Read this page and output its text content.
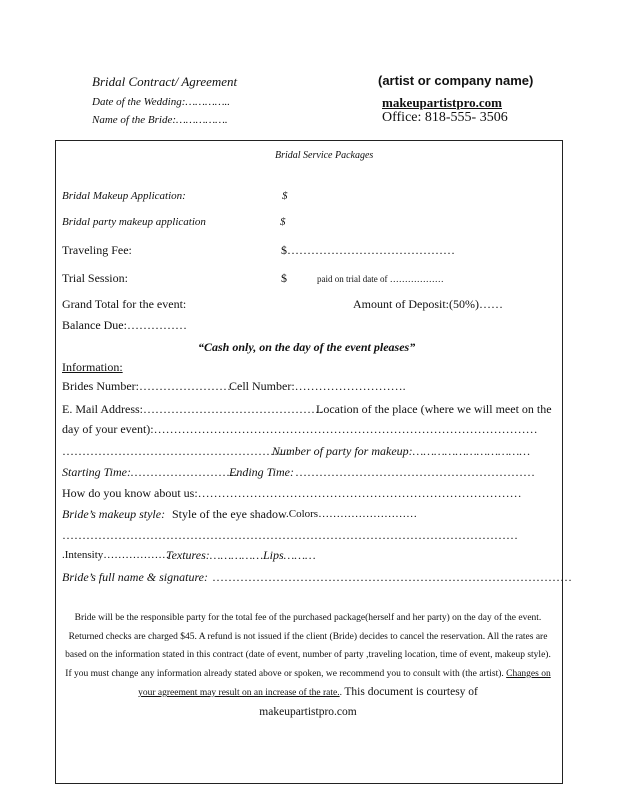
Bridal Contract/ Agreement
Date of the Wedding:…………..
Name of the Bride:…………….
(artist or company name)
makeupartistpro.com
Office: 818-555- 3506
Bridal Service Packages
Bridal Makeup Application:	$
Bridal party makeup application	$
Traveling Fee:	$……………………………………
Trial Session:	$	paid on trial date of ………………
Grand Total for the event:	Amount of Deposit:(50%)……
Balance Due:……………
“Cash only, on the day of the event pleases”
Information:
Brides Number:……………………
Cell Number:……………………….
E. Mail Address:………………………………………
Location of the place (where we will meet on the
day of your event):……………………………………………………………………………………
…………………………………………………
Number of party for makeup:……………………………
Starting Time:
………………………
Ending Time: ……………………………………………………
How do you know about us:………………………………………………………………………
Bride’s makeup style: Style of the eye shadow .Colors………………………
……………………………………………………………………………………………………
.Intensity………………
Textures:…………… Lips………
Bride’s full name & signature: ………………………………………………………………………………
Bride will be the responsible party for the total fee of the purchased package(herself and her party) on the day of the event. Returned checks are charged $45. A refund is not issued if the client (Bride) decides to cancel the reservation. All the rates are based on the information stated in this contract (date of event, number of party ,traveling location, time of event, makeup style). If you must change any information already stated above or spoken, we recommend you to consult with (the artist). Changes on your agreement may result on an increase of the rate.. This document is courtesy of
makeupartistpro.com
